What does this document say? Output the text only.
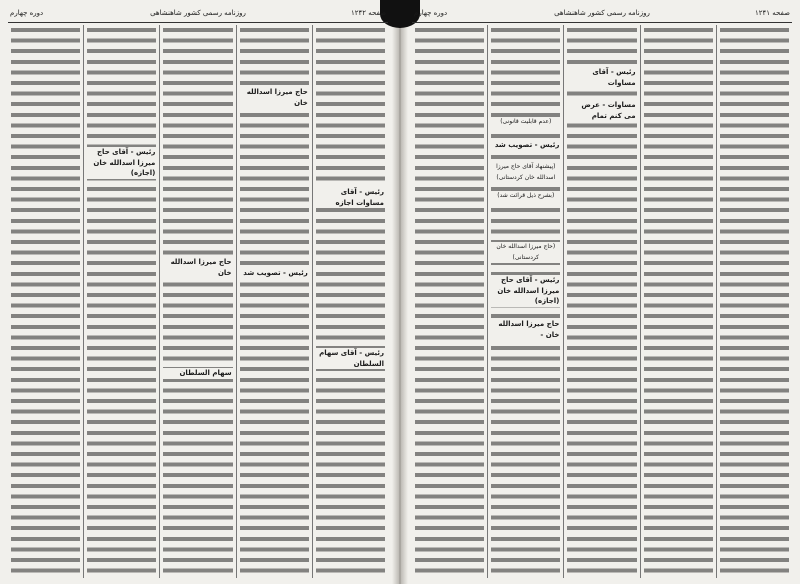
صفحه ۱۲۴۲
روزنامه رسمی کشور شاهنشاهی
دوره چهارم
رئیس - آقای مساوات اجازه
رئیس - آقای سهام السلطان
حاج میرزا اسدالله خان
رئیس - تصویب شد
حاج میرزا اسدالله خان
سهام السلطان
رئیس - آقای حاج میرزا اسدالله خان (اجازه)
صفحه ۱۲۴۱
روزنامه رسمی کشور شاهنشاهی
دوره چهارم
رئیس - آقای مساوات
مساوات - عرض می کنم تمام
(عدم قابلیت قانونی)
رئیس - تصویب شد
(پیشنهاد آقای حاج میرزا اسدالله خان کردستانی)
(بشرح ذیل قرائت شد)
(حاج میرزا اسدالله خان کردستانی)
رئیس - آقای حاج میرزا اسدالله خان (اجازه)
حاج میرزا اسدالله خان -
